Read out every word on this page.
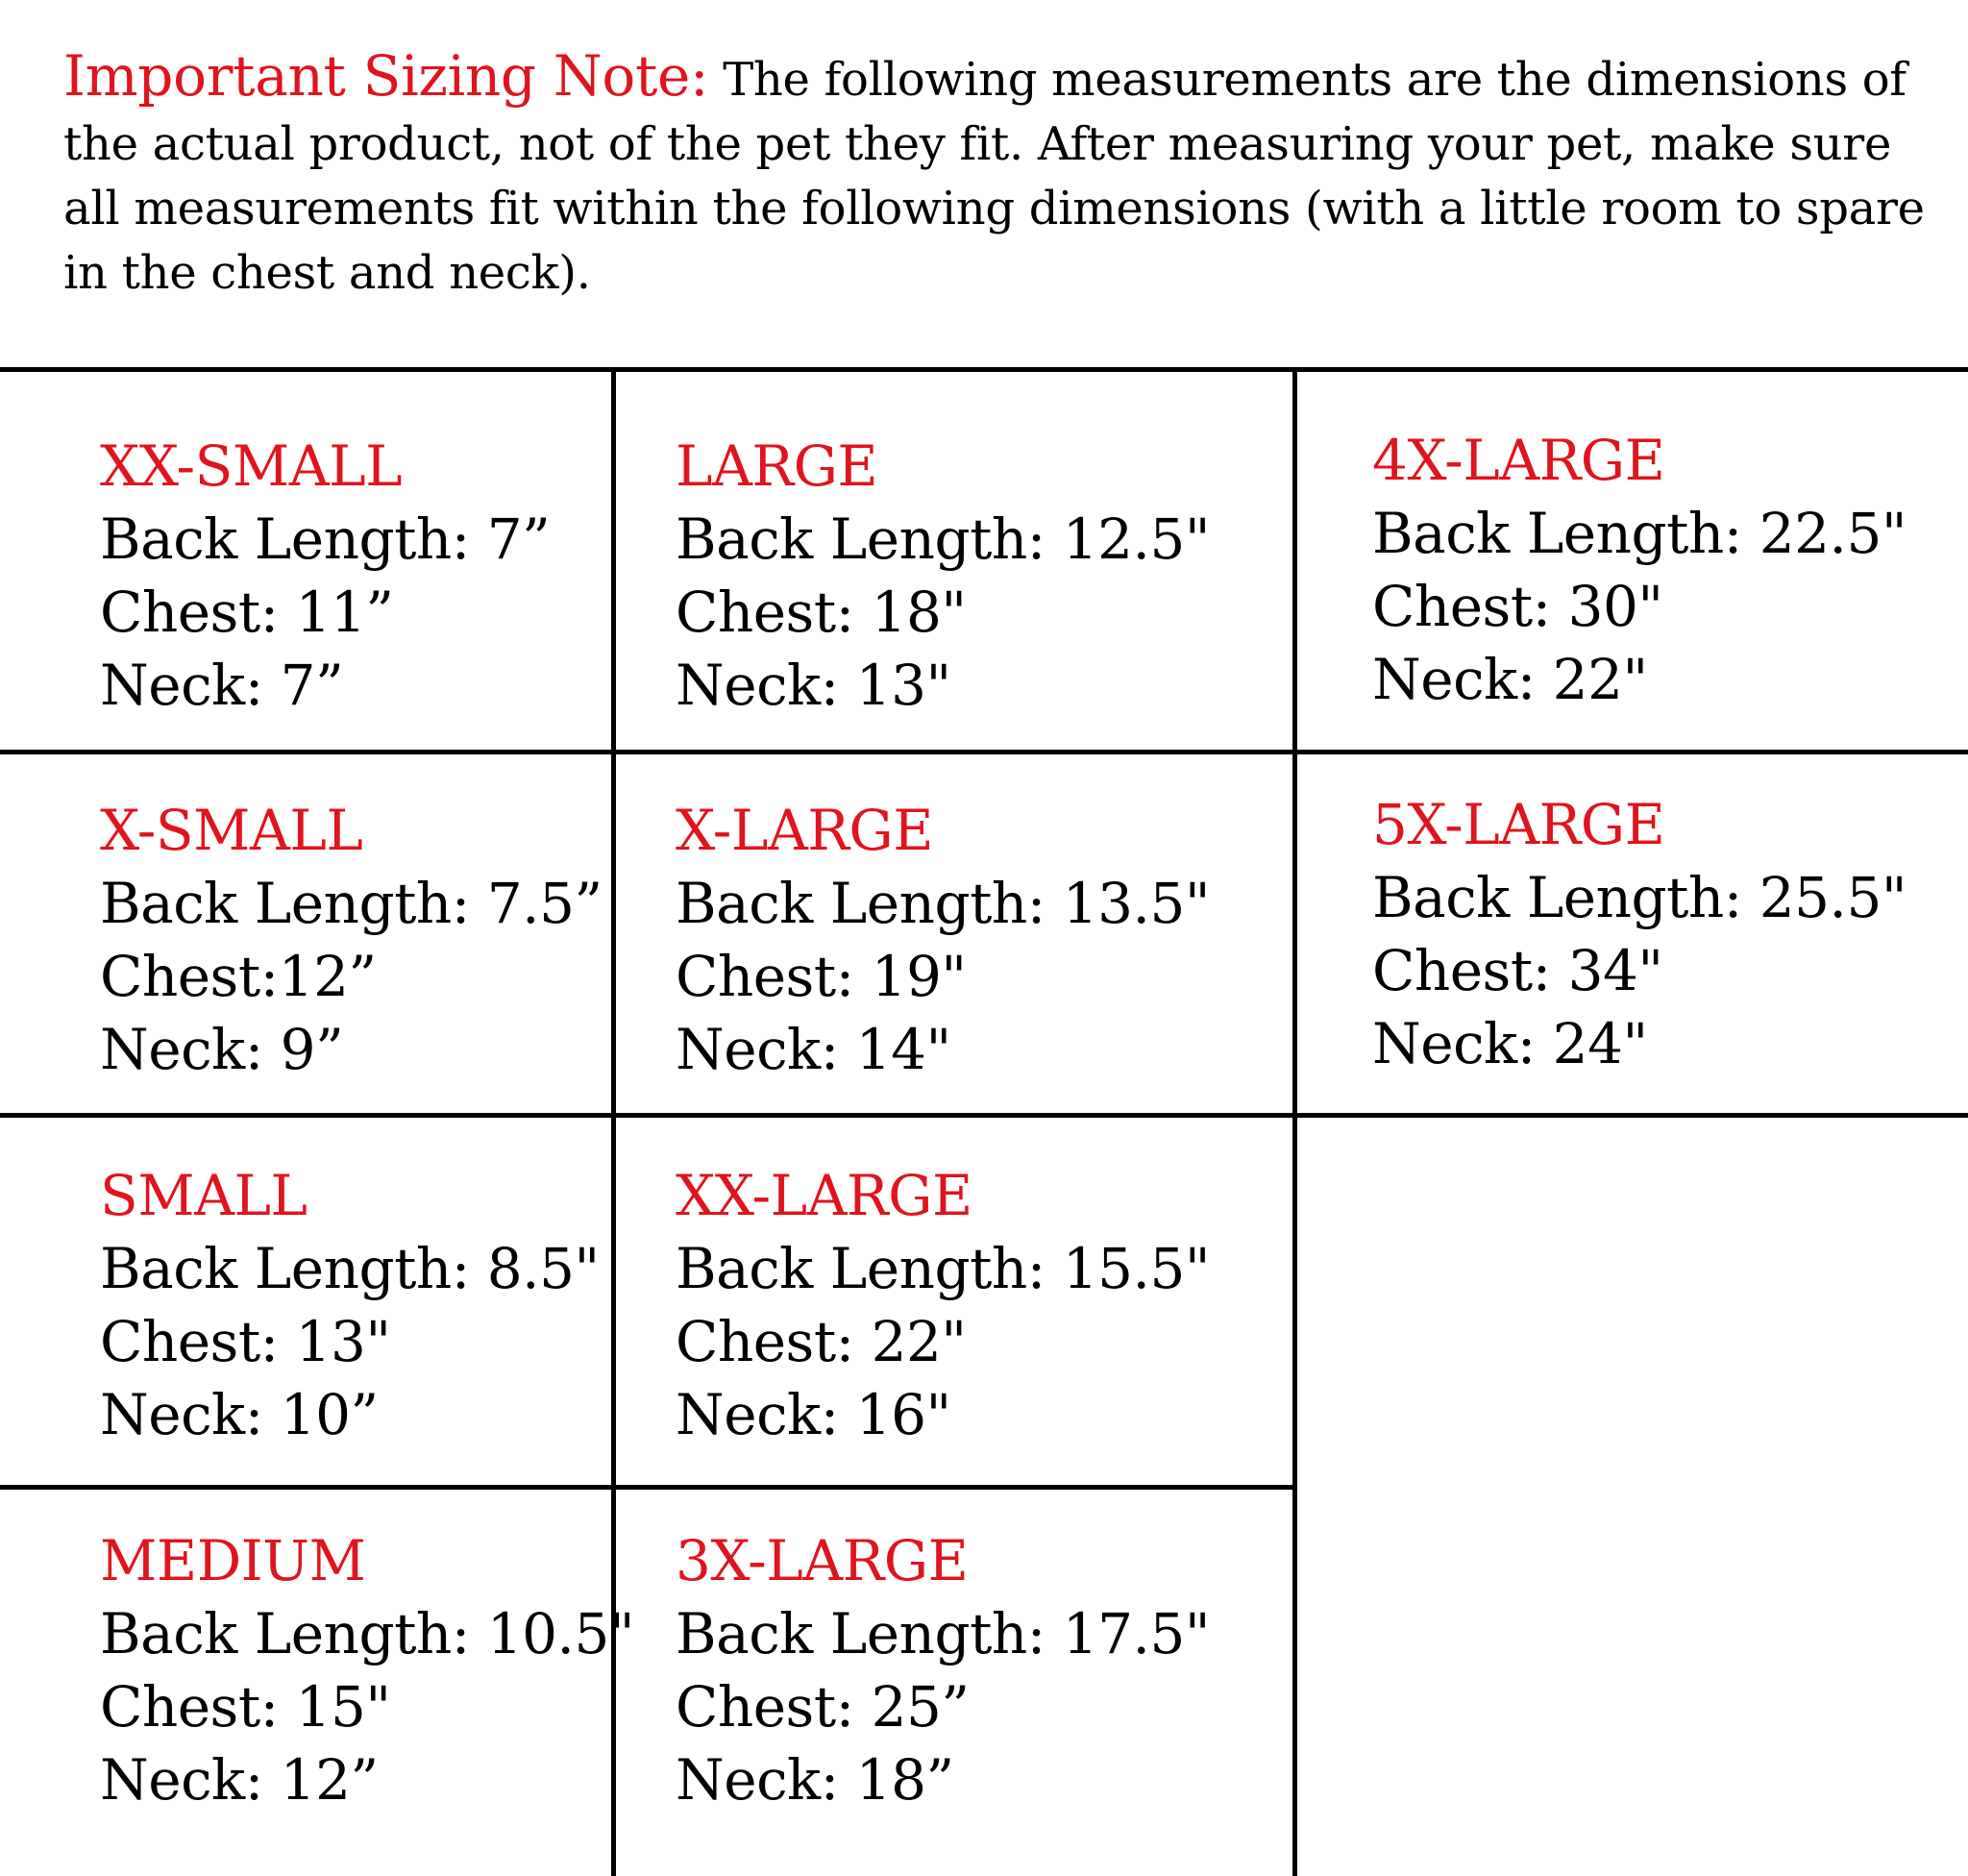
Important Sizing Note: The following measurements are the dimensions of the actual product, not of the pet they fit. After measuring your pet, make sure all measurements fit within the following dimensions (with a little room to spare in the chest and neck).
XX-SMALL
Back Length: 7”
Chest: 11”
Neck: 7”
X-SMALL
Back Length: 7.5”
Chest:12”
Neck: 9”
SMALL
Back Length: 8.5"
Chest: 13"
Neck: 10”
MEDIUM
Back Length: 10.5"
Chest: 15"
Neck: 12”
LARGE
Back Length: 12.5"
Chest: 18"
Neck: 13"
X-LARGE
Back Length: 13.5"
Chest: 19"
Neck: 14"
XX-LARGE
Back Length: 15.5"
Chest: 22"
Neck: 16"
3X-LARGE
Back Length: 17.5"
Chest: 25”
Neck: 18”
4X-LARGE
Back Length: 22.5"
Chest: 30"
Neck: 22"
5X-LARGE
Back Length: 25.5"
Chest: 34"
Neck: 24"
